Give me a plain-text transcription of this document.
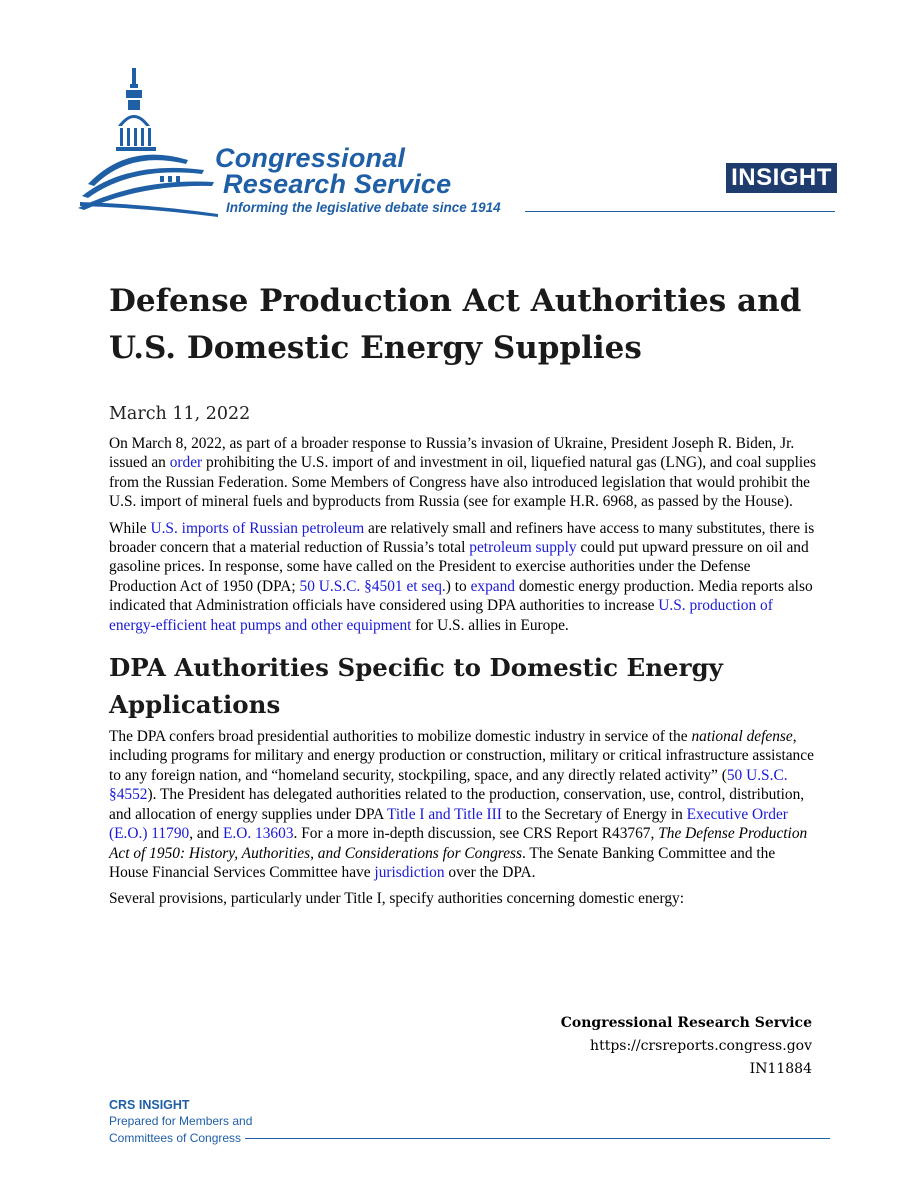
Congressional
Research Service
Informing the legislative debate since 1914
INSIGHT
Defense Production Act Authorities and U.S. Domestic Energy Supplies
March 11, 2022

On March 8, 2022, as part of a broader response to Russia’s invasion of Ukraine, President Joseph R. Biden, Jr. issued an order prohibiting the U.S. import of and investment in oil, liquefied natural gas (LNG), and coal supplies from the Russian Federation. Some Members of Congress have also introduced legislation that would prohibit the U.S. import of mineral fuels and byproducts from Russia (see for example H.R. 6968, as passed by the House).

While U.S. imports of Russian petroleum are relatively small and refiners have access to many substitutes, there is broader concern that a material reduction of Russia’s total petroleum supply could put upward pressure on oil and gasoline prices. In response, some have called on the President to exercise authorities under the Defense Production Act of 1950 (DPA; 50 U.S.C. §4501 et seq.) to expand domestic energy production. Media reports also indicated that Administration officials have considered using DPA authorities to increase U.S. production of energy-efficient heat pumps and other equipment for U.S. allies in Europe.

DPA Authorities Specific to Domestic Energy Applications

The DPA confers broad presidential authorities to mobilize domestic industry in service of the national defense, including programs for military and energy production or construction, military or critical infrastructure assistance to any foreign nation, and “homeland security, stockpiling, space, and any directly related activity” (50 U.S.C. §4552). The President has delegated authorities related to the production, conservation, use, control, distribution, and allocation of energy supplies under DPA Title I and Title III to the Secretary of Energy in Executive Order (E.O.) 11790, and E.O. 13603. For a more in-depth discussion, see CRS Report R43767, The Defense Production Act of 1950: History, Authorities, and Considerations for Congress. The Senate Banking Committee and the House Financial Services Committee have jurisdiction over the DPA.

Several provisions, particularly under Title I, specify authorities concerning domestic energy:

Congressional Research Service
https://crsreports.congress.gov
IN11884
CRS INSIGHT
Prepared for Members and
Committees of Congress
